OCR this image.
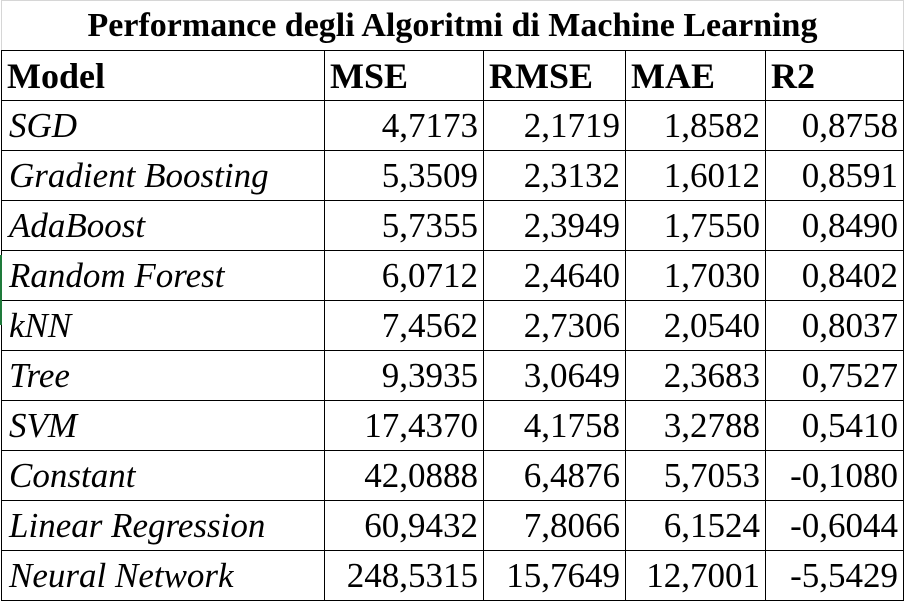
Performance degli Algoritmi di Machine Learning				
Model	MSE	RMSE	MAE	R2
SGD	4,7173	2,1719	1,8582	0,8758
Gradient Boosting	5,3509	2,3132	1,6012	0,8591
AdaBoost	5,7355	2,3949	1,7550	0,8490
Random Forest	6,0712	2,4640	1,7030	0,8402
kNN	7,4562	2,7306	2,0540	0,8037
Tree	9,3935	3,0649	2,3683	0,7527
SVM	17,4370	4,1758	3,2788	0,5410
Constant	42,0888	6,4876	5,7053	-0,1080
Linear Regression	60,9432	7,8066	6,1524	-0,6044
Neural Network	248,5315	15,7649	12,7001	-5,5429
